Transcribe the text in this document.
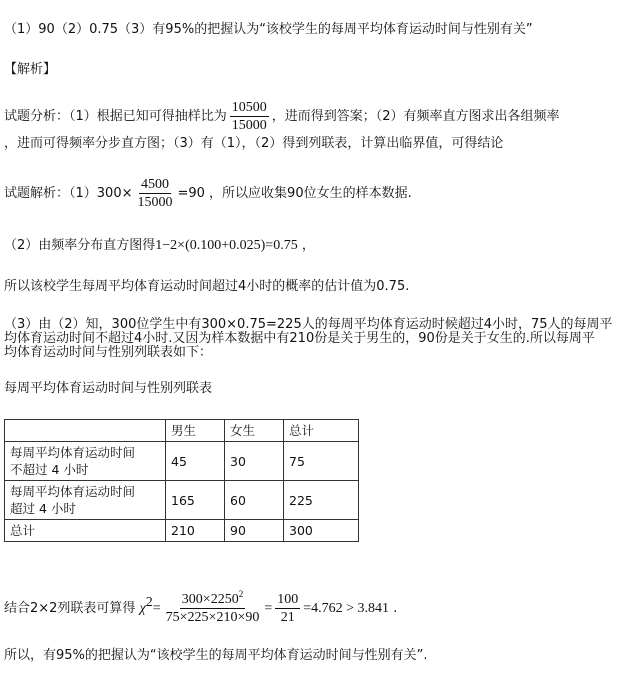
（1）90（2）0.75（3）有95%的把握认为“该校学生的每周平均体育运动时间与性别有关”
【解析】
试题分析：（1）根据已知可得抽样比为 $\frac{10500}{15000}$ ，进而得到答案；（2）有频率直方图求出各组频率
，进而可得频率分步直方图；（3）有（1），（2）得到列联表，计算出临界值，可得结论
试题解析：$(1)300\times \frac{4500}{15000} =90$ ，所以应收集90位女生的样本数据.
（2）由频率分布直方图得1−2×(0.100+0.025)=0.75 ，
所以该校学生每周平均体育运动时间超过4小时的概率的估计值为0.75.
（3）由（2）知，300位学生中有300×0.75=225人的每周平均体育运动时候超过4小时，75人的每周平
均体育运动时间不超过4小时.又因为样本数据中有210份是关于男生的，90份是关于女生的.所以每周平
均体育运动时间与性别列联表如下：
每周平均体育运动时间与性别列联表
	男生	女生	总计

每周平均体育运动时间
不超过 4 小时	45	30	75

每周平均体育运动时间
超过 4 小时	165	60	225
总计	210	90	300
结合2×2列联表可算得 $\chi^2= \frac{300\times 2250^2}{75\times 225\times 210\times 90} = \frac{100}{21} =4.762 > 3.841$ .
所以，有95%的把握认为“该校学生的每周平均体育运动时间与性别有关”.
